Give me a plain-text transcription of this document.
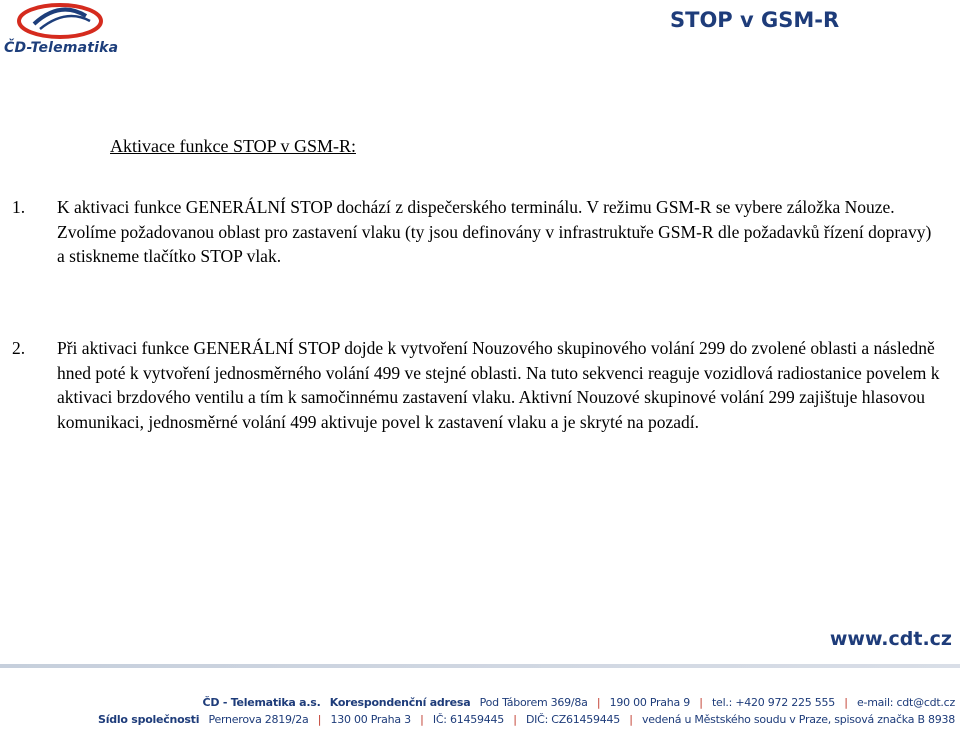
ČD-Telematika
STOP v GSM-R
Aktivace funkce STOP v GSM-R:
1. K aktivaci funkce GENERÁLNÍ STOP dochází z dispečerského terminálu. V režimu GSM-R se vybere záložka Nouze. Zvolíme požadovanou oblast pro zastavení vlaku (ty jsou definovány v infrastruktuře GSM-R dle požadavků řízení dopravy) a stiskneme tlačítko STOP vlak.
2. Při aktivaci funkce GENERÁLNÍ STOP dojde k vytvoření Nouzového skupinového volání 299 do zvolené oblasti a následně hned poté k vytvoření jednosměrného volání 499 ve stejné oblasti. Na tuto sekvenci reaguje vozidlová radiostanice povelem k aktivaci brzdového ventilu a tím k samočinnému zastavení vlaku. Aktivní Nouzové skupinové volání 299 zajištuje hlasovou komunikaci, jednosměrné volání 499 aktivuje povel k zastavení vlaku a je skryté na pozadí.
www.cdt.cz
ČD - Telematika a.s. Korespondenční adresa Pod Táborem 369/8a | 190 00 Praha 9 | tel.: +420 972 225 555 | e-mail: cdt@cdt.cz
Sídlo společnosti Pernerova 2819/2a | 130 00 Praha 3 | IČ: 61459445 | DIČ: CZ61459445 | vedená u Městského soudu v Praze, spisová značka B 8938
